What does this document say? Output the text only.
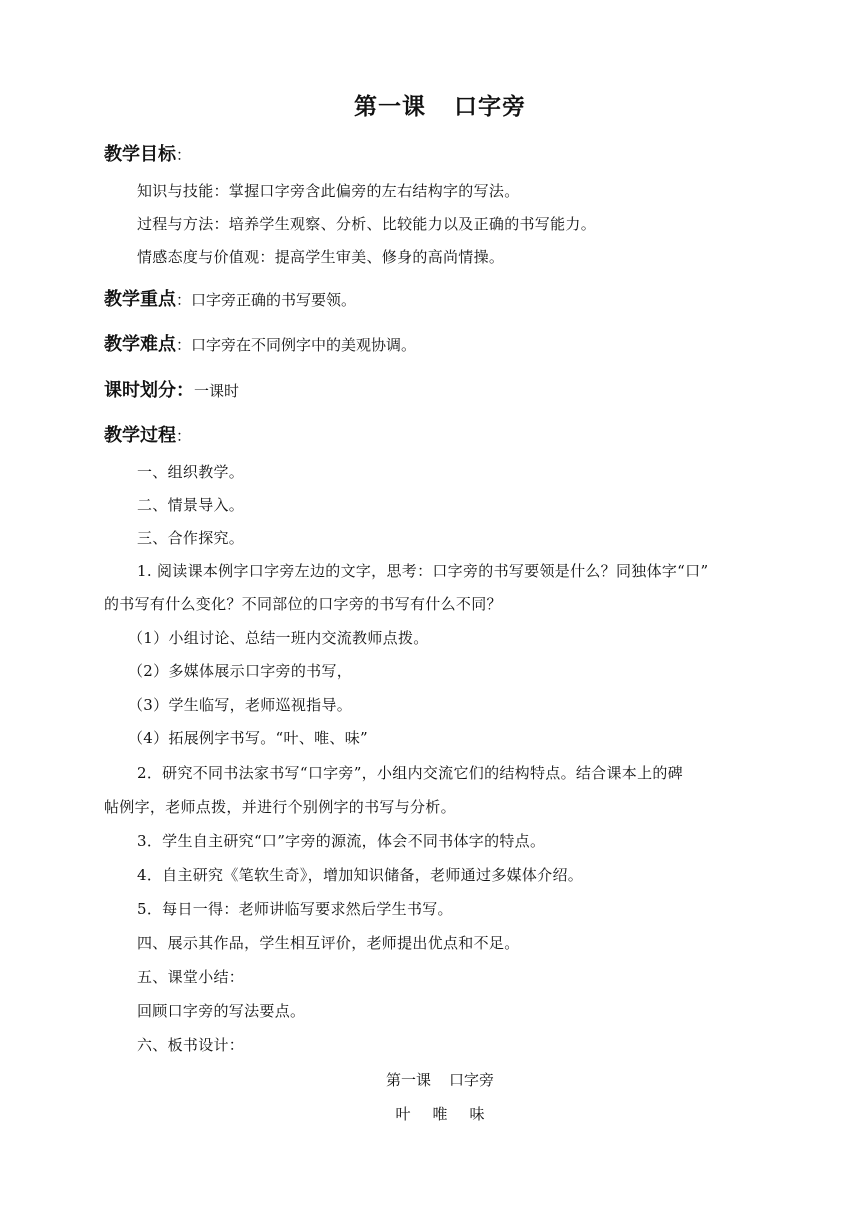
第一课 口字旁
教学目标：
知识与技能：掌握口字旁含此偏旁的左右结构字的写法。
过程与方法：培养学生观察、分析、比较能力以及正确的书写能力。
情感态度与价值观：提高学生审美、修身的高尚情操。
教学重点：口字旁正确的书写要领。
教学难点：口字旁在不同例字中的美观协调。
课时划分：一课时
教学过程：
一、组织教学。
二、情景导入。
三、合作探究。
1. 阅读课本例字口字旁左边的文字，思考：口字旁的书写要领是什么？同独体字“口”
的书写有什么变化？不同部位的口字旁的书写有什么不同？
（1）小组讨论、总结一班内交流教师点拨。
（2）多媒体展示口字旁的书写，
（3）学生临写，老师巡视指导。
（4）拓展例字书写。“叶、唯、味”
2．研究不同书法家书写“口字旁”，小组内交流它们的结构特点。结合课本上的碑
帖例字，老师点拨，并进行个别例字的书写与分析。
3．学生自主研究“口”字旁的源流，体会不同书体字的特点。
4．自主研究《笔软生奇》，增加知识储备，老师通过多媒体介绍。
5．每日一得：老师讲临写要求然后学生书写。
四、展示其作品，学生相互评价，老师提出优点和不足。
五、课堂小结：
回顾口字旁的写法要点。
六、板书设计：
第一课 口字旁
叶 唯 味
